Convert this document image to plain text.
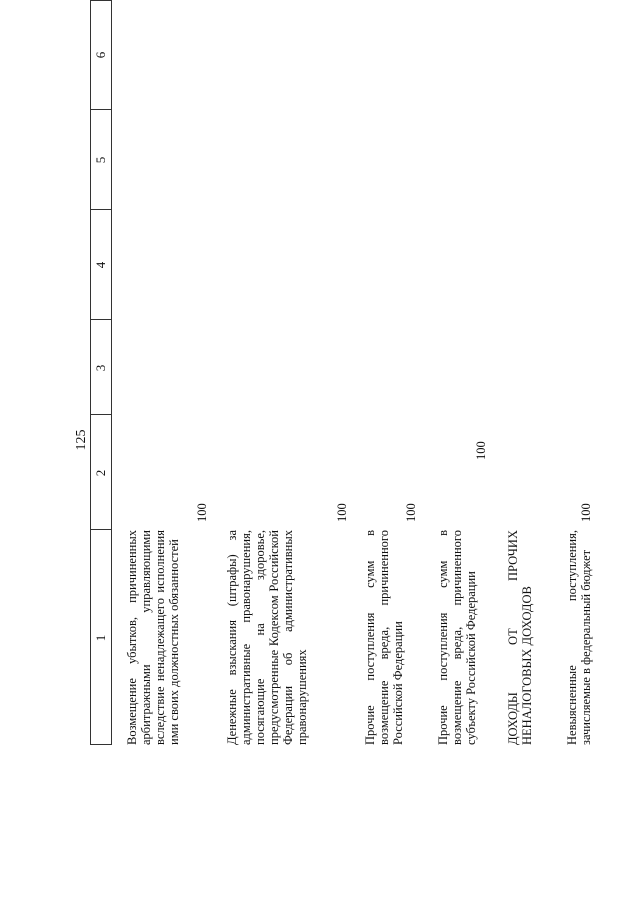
125
1
2
3
4
5
6
Возмещение убытков, причиненных арбитражными управляющими вследствие ненадлежащего исполнения ими своих должностных обязанностей
100
Денежные взыскания (штрафы) за административные правонарушения, посягающие на здоровье, предусмотренные Кодексом Российской Федерации об административных правонарушениях
100
Прочие поступления сумм в возмещение вреда, причиненного Российской Федерации
100
Прочие поступления сумм в возмещение вреда, причиненного субъекту Российской Федерации
100
ДОХОДЫ
ОТ
ПРОЧИХ
НЕНАЛОГОВЫХ ДОХОДОВ Невыясненные поступления, зачисляемые в федеральный бюджет
100
